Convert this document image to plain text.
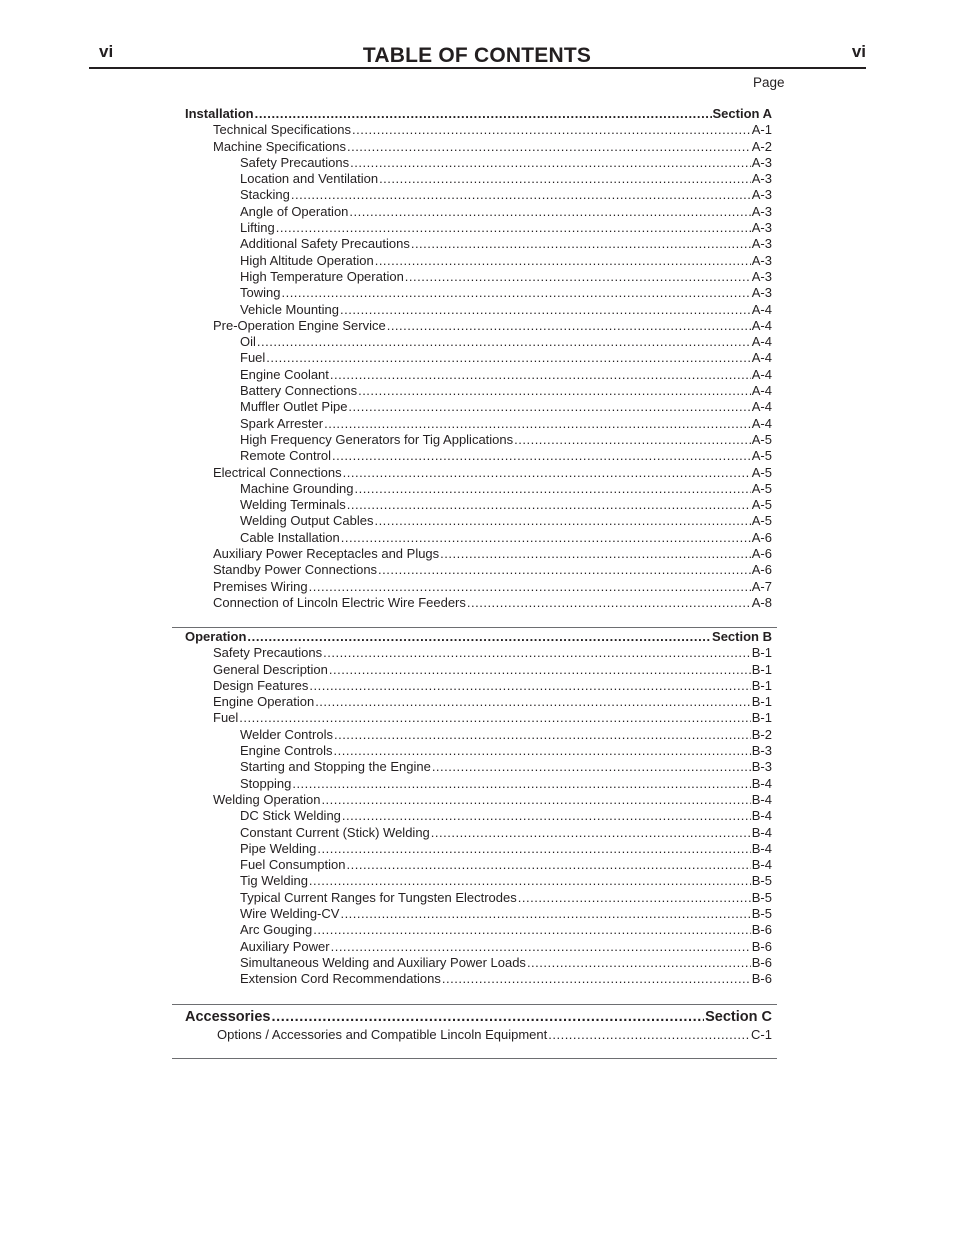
vi	TABLE OF CONTENTS	vi
Page
Installation .....	Section A
Technical Specifications .....	A-1
Machine Specifications .....	A-2
Safety Precautions .....	A-3
Location and Ventilation .....	A-3
Stacking .....	A-3
Angle of Operation .....	A-3
Lifting .....	A-3
Additional Safety Precautions .....	A-3
High Altitude Operation .....	A-3
High Temperature Operation .....	A-3
Towing .....	A-3
Vehicle Mounting .....	A-4
Pre-Operation Engine Service .....	A-4
Oil .....	A-4
Fuel .....	A-4
Engine Coolant .....	A-4
Battery Connections .....	A-4
Muffler Outlet Pipe .....	A-4
Spark Arrester .....	A-4
High Frequency Generators for Tig Applications .....	A-5
Remote Control .....	A-5
Electrical Connections .....	A-5
Machine Grounding .....	A-5
Welding Terminals .....	A-5
Welding Output Cables .....	A-5
Cable Installation .....	A-6
Auxiliary Power Receptacles and Plugs .....	A-6
Standby Power Connections .....	A-6
Premises Wiring .....	A-7
Connection of Lincoln Electric Wire Feeders .....	A-8
Operation .....	Section B
Safety Precautions .....	B-1
General Description .....	B-1
Design Features .....	B-1
Engine Operation .....	B-1
Fuel .....	B-1
Welder Controls .....	B-2
Engine Controls .....	B-3
Starting and Stopping the Engine .....	B-3
Stopping .....	B-4
Welding Operation .....	B-4
DC Stick Welding .....	B-4
Constant Current (Stick) Welding .....	B-4
Pipe Welding .....	B-4
Fuel Consumption .....	B-4
Tig Welding .....	B-5
Typical Current Ranges for Tungsten Electrodes .....	B-5
Wire Welding-CV .....	B-5
Arc Gouging .....	B-6
Auxiliary Power .....	B-6
Simultaneous Welding and Auxiliary Power Loads .....	B-6
Extension Cord Recommendations .....	B-6
Accessories .....	Section C
Options / Accessories and Compatible Lincoln Equipment .....	C-1
